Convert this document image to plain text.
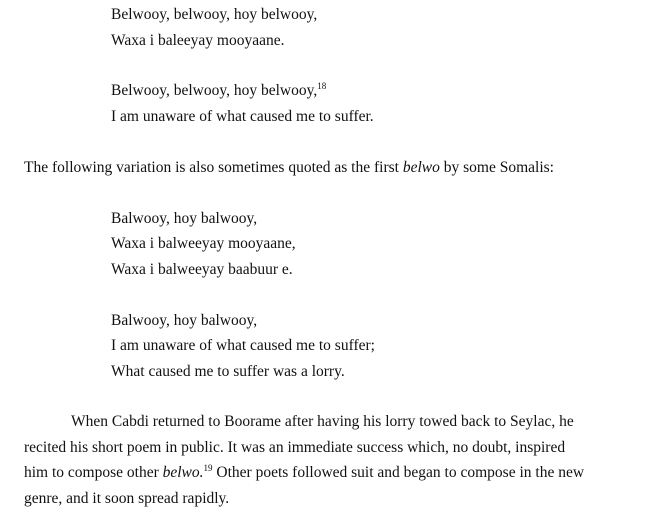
Belwooy, belwooy, hoy belwooy,

Waxa i baleeyay mooyaane.

Belwooy, belwooy, hoy belwooy,$^{18}$

I am unaware of what caused me to suffer.

The following variation is also sometimes quoted as the first belwo by some Somalis:

Balwooy, hoy balwooy,

Waxa i balweeyay mooyaane,

Waxa i balweeyay baabuur e.

Balwooy, hoy balwooy,

I am unaware of what caused me to suffer;

What caused me to suffer was a lorry.

When Cabdi returned to Boorame after having his lorry towed back to Seylac, he

recited his short poem in public. It was an immediate success which, no doubt, inspired

him to compose other belwo.$^{19}$ Other poets followed suit and began to compose in the new

genre, and it soon spread rapidly.
